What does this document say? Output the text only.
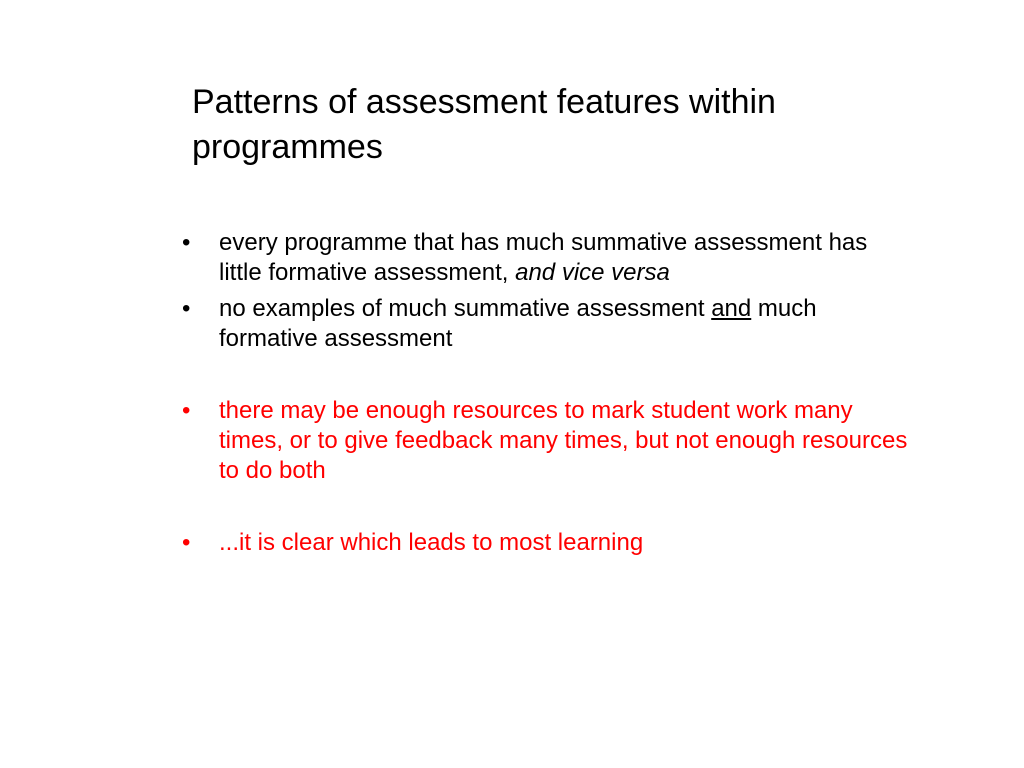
Patterns of assessment features within programmes
• every programme that has much summative assessment has little formative assessment, and vice versa
• no examples of much summative assessment and much formative assessment
• there may be enough resources to mark student work many times, or to give feedback many times, but not enough resources to do both
• ...it is clear which leads to most learning
